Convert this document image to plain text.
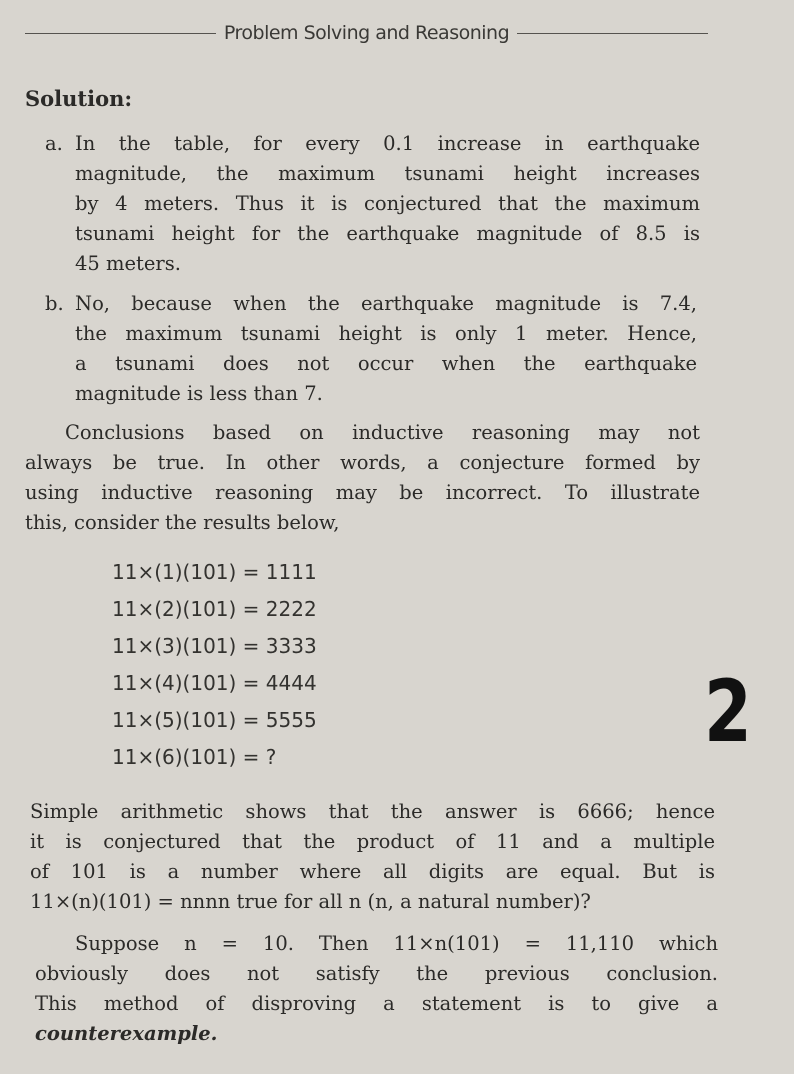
Problem Solving and Reasoning
Solution:
a. In the table, for every 0.1 increase in earthquake
magnitude, the maximum tsunami height increases
by 4 meters. Thus it is conjectured that the maximum
tsunami height for the earthquake magnitude of 8.5 is
45 meters.
b. No, because when the earthquake magnitude is 7.4,
the maximum tsunami height is only 1 meter. Hence,
a tsunami does not occur when the earthquake
magnitude is less than 7.
Conclusions based on inductive reasoning may not
always be true. In other words, a conjecture formed by
using inductive reasoning may be incorrect. To illustrate
this, consider the results below,
11×(1)(101) = 1111
11×(2)(101) = 2222
11×(3)(101) = 3333
11×(4)(101) = 4444
11×(5)(101) = 5555
11×(6)(101) = ?	2
Simple arithmetic shows that the answer is 6666; hence
it is conjectured that the product of 11 and a multiple
of 101 is a number where all digits are equal. But is
11×(n)(101) = nnnn true for all n (n, a natural number)?
Suppose n = 10. Then 11×n(101) = 11,110 which
obviously does not satisfy the previous conclusion.
This method of disproving a statement is to give a
counterexample.
